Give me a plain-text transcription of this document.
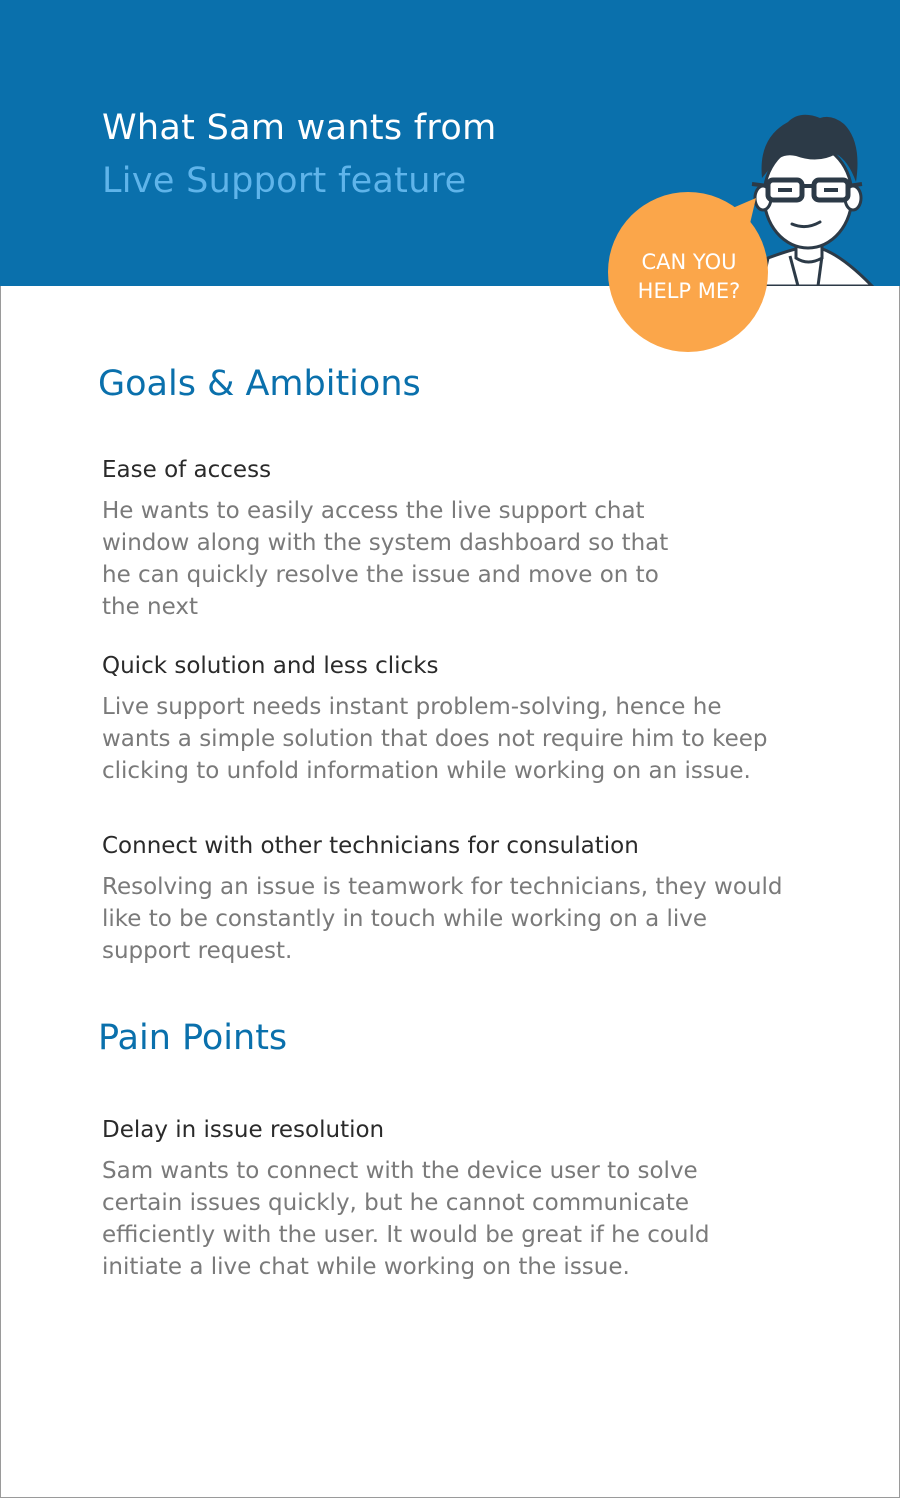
What Sam wants from
Live Support feature
CAN YOU
HELP ME?
Goals & Ambitions
Ease of access
He wants to easily access the live support chat
window along with the system dashboard so that
he can quickly resolve the issue and move on to
the next
Quick solution and less clicks
Live support needs instant problem-solving, hence he
wants a simple solution that does not require him to keep
clicking to unfold information while working on an issue.
Connect with other technicians for consulation
Resolving an issue is teamwork for technicians, they would
like to be constantly in touch while working on a live
support request.
Pain Points
Delay in issue resolution
Sam wants to connect with the device user to solve
certain issues quickly, but he cannot communicate
efficiently with the user. It would be great if he could
initiate a live chat while working on the issue.
